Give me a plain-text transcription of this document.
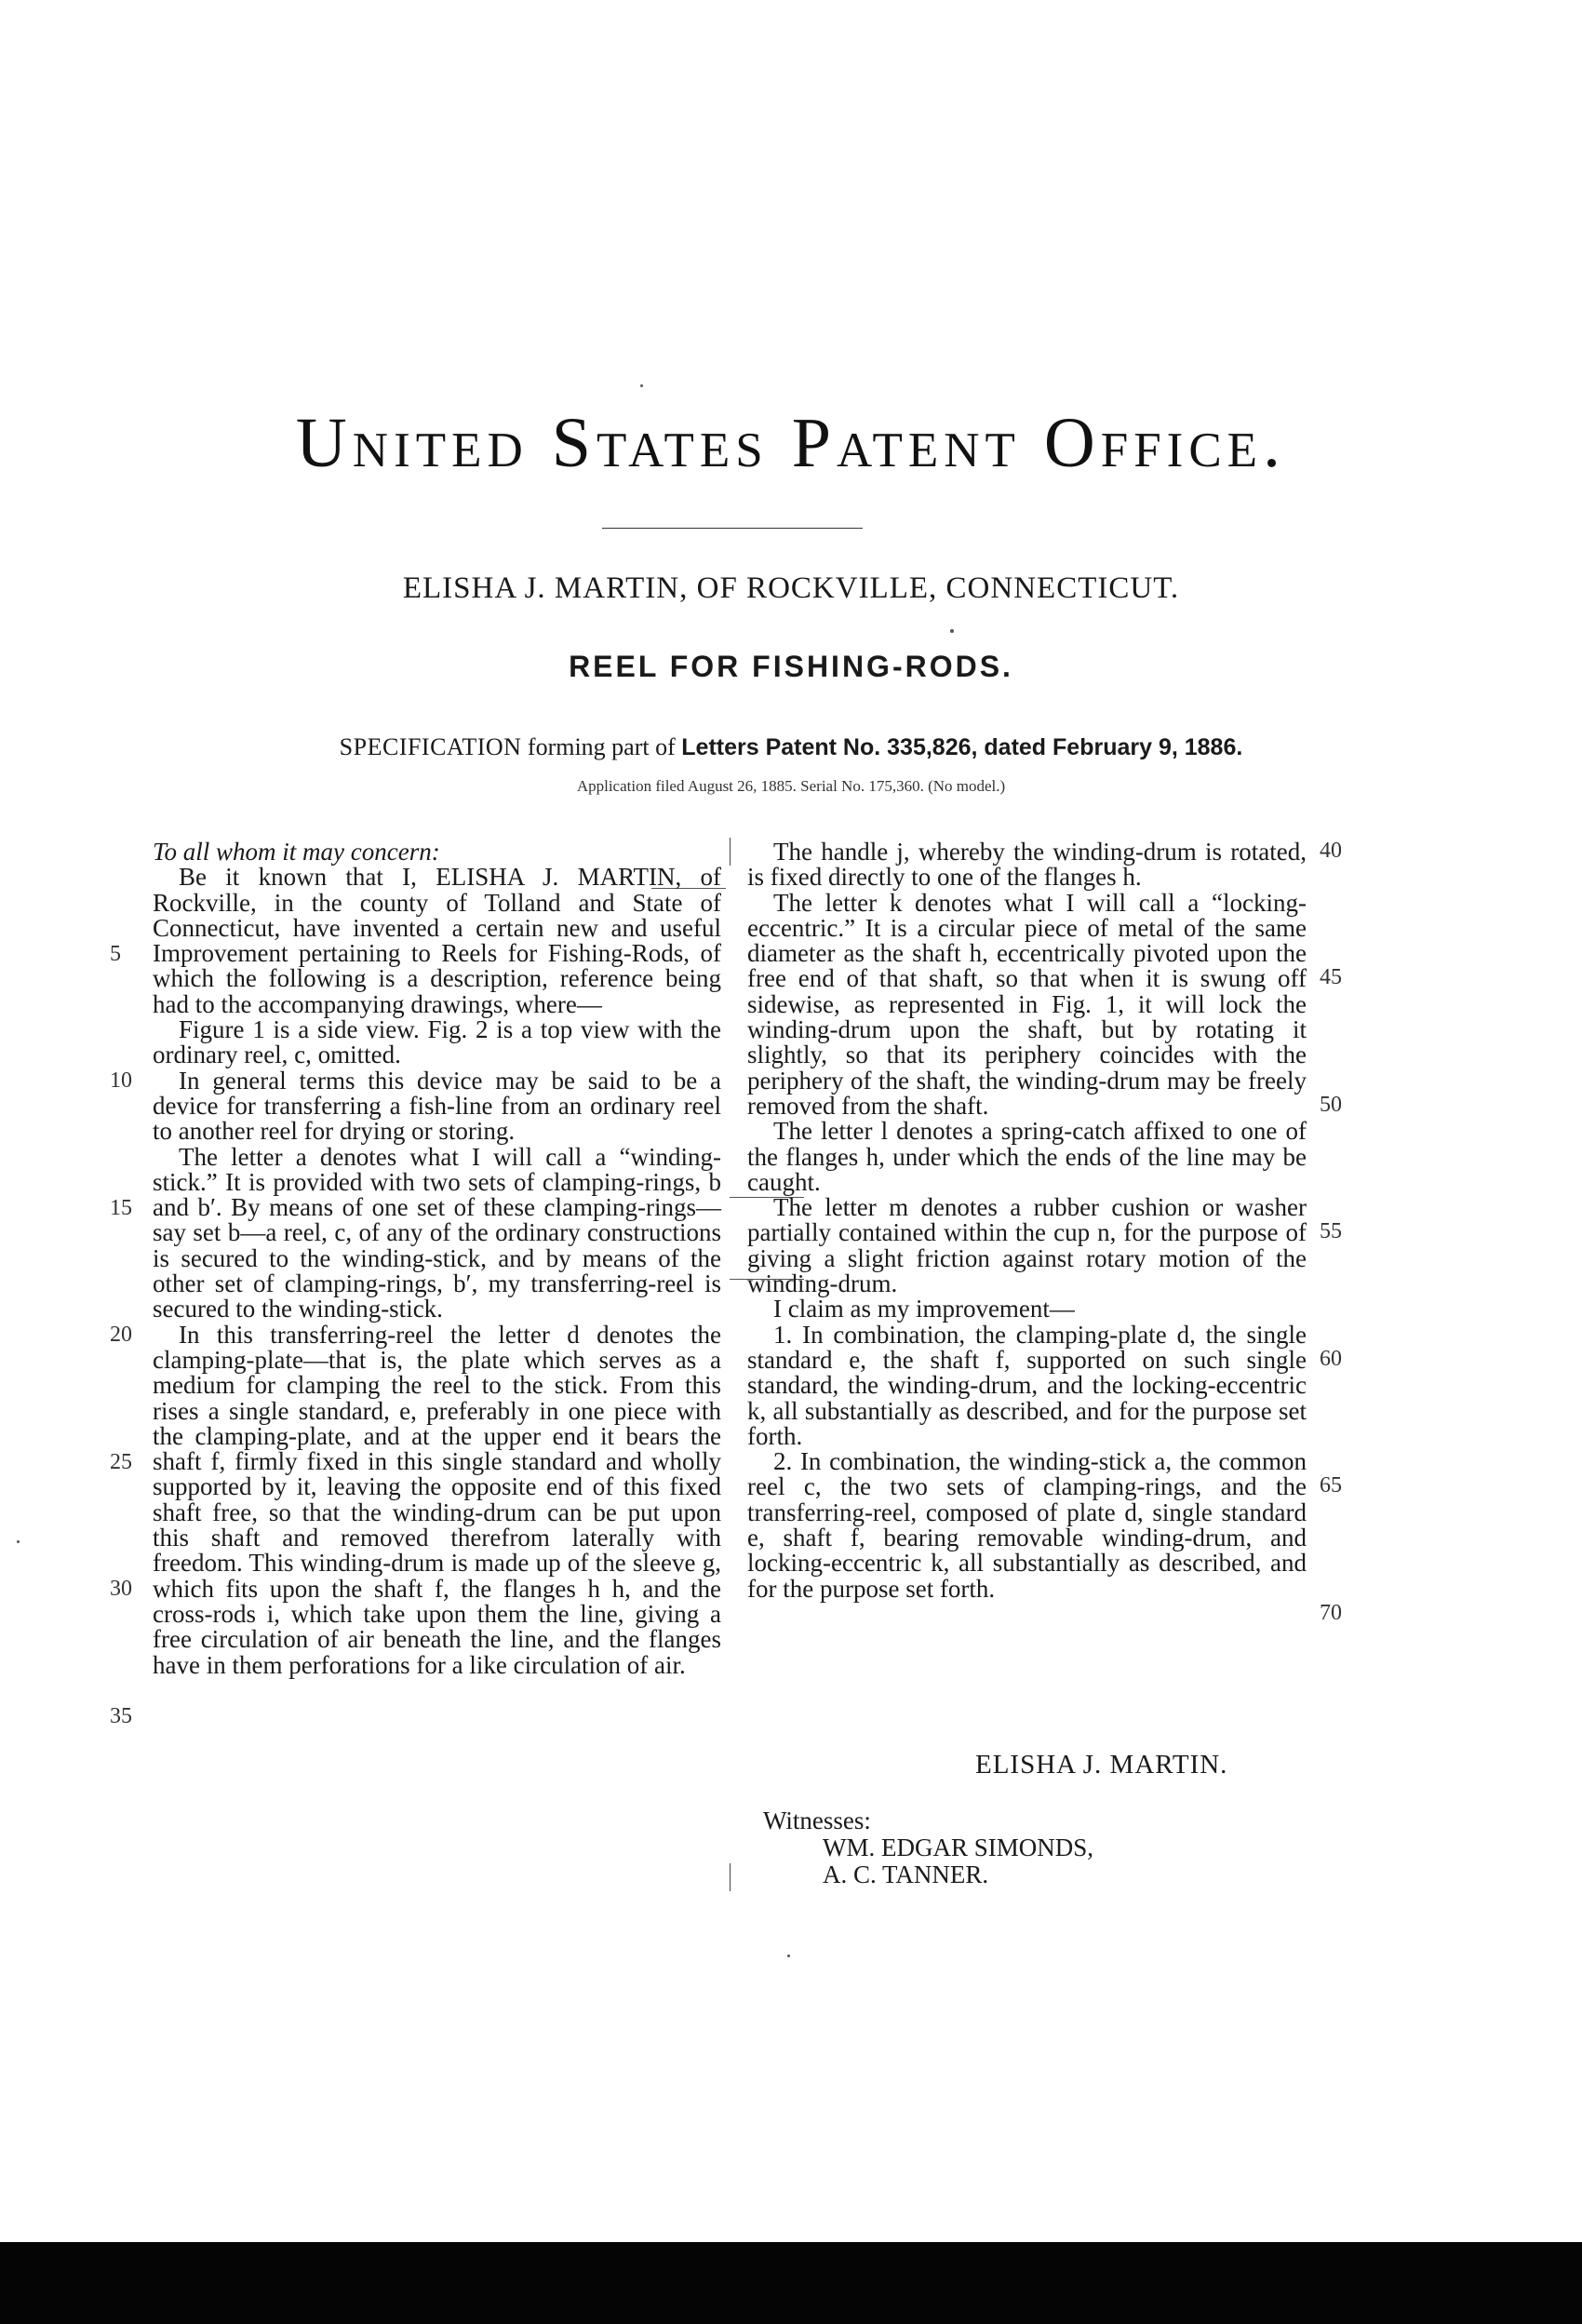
United States Patent Office.
ELISHA J. MARTIN, OF ROCKVILLE, CONNECTICUT.
REEL FOR FISHING-RODS.
SPECIFICATION forming part of Letters Patent No. 335,826, dated February 9, 1886.
Application filed August 26, 1885. Serial No. 175,360. (No model.)

To all whom it may concern:

Be it known that I, ELISHA J. MARTIN, of Rockville, in the county of Tolland and State of Connecticut, have invented a certain new and useful Improvement pertaining to Reels for Fishing-Rods, of which the following is a description, reference being had to the accompanying drawings, where—

Figure 1 is a side view. Fig. 2 is a top view with the ordinary reel, c, omitted.

In general terms this device may be said to be a device for transferring a fish-line from an ordinary reel to another reel for drying or storing.

The letter a denotes what I will call a “winding-stick.” It is provided with two sets of clamping-rings, b and b′. By means of one set of these clamping-rings—say set b—a reel, c, of any of the ordinary constructions is secured to the winding-stick, and by means of the other set of clamping-rings, b′, my transferring-reel is secured to the winding-stick.

In this transferring-reel the letter d denotes the clamping-plate—that is, the plate which serves as a medium for clamping the reel to the stick. From this rises a single standard, e, preferably in one piece with the clamping-plate, and at the upper end it bears the shaft f, firmly fixed in this single standard and wholly supported by it, leaving the opposite end of this fixed shaft free, so that the winding-drum can be put upon this shaft and removed therefrom laterally with freedom. This winding-drum is made up of the sleeve g, which fits upon the shaft f, the flanges h h, and the cross-rods i, which take upon them the line, giving a free circulation of air beneath the line, and the flanges have in them perforations for a like circulation of air.

The handle j, whereby the winding-drum is rotated, is fixed directly to one of the flanges h.

The letter k denotes what I will call a “locking-eccentric.” It is a circular piece of metal of the same diameter as the shaft h, eccentrically pivoted upon the free end of that shaft, so that when it is swung off sidewise, as represented in Fig. 1, it will lock the winding-drum upon the shaft, but by rotating it slightly, so that its periphery coincides with the periphery of the shaft, the winding-drum may be freely removed from the shaft.

The letter l denotes a spring-catch affixed to one of the flanges h, under which the ends of the line may be caught.

The letter m denotes a rubber cushion or washer partially contained within the cup n, for the purpose of giving a slight friction against rotary motion of the winding-drum.

I claim as my improvement—

1. In combination, the clamping-plate d, the single standard e, the shaft f, supported on such single standard, the winding-drum, and the locking-eccentric k, all substantially as described, and for the purpose set forth.

2. In combination, the winding-stick a, the common reel c, the two sets of clamping-rings, and the transferring-reel, composed of plate d, single standard e, shaft f, bearing removable winding-drum, and locking-eccentric k, all substantially as described, and for the purpose set forth.

5
10
15
20
25
30
35
40
45
50
55
60
65
70
ELISHA J. MARTIN.
Witnesses:
WM. EDGAR SIMONDS,
A. C. TANNER.
